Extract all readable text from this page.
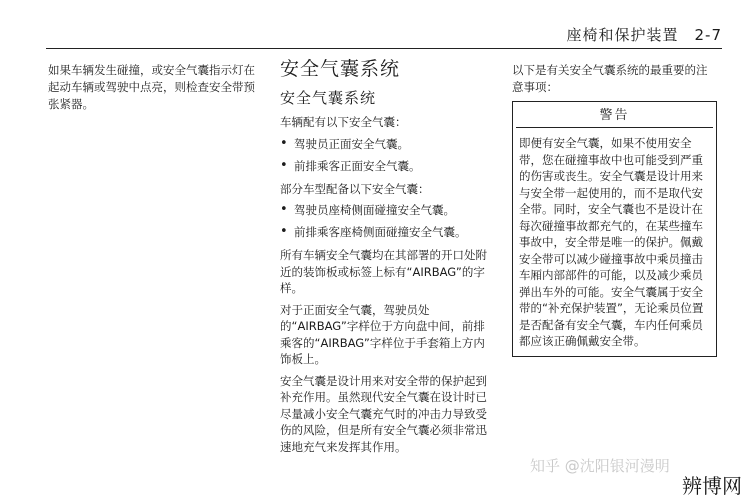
座椅和保护装置　2-7
如果车辆发生碰撞，或安全气囊指示灯在起动车辆或驾驶中点亮，则检查安全带预张紧器。
安全气囊系统
安全气囊系统
车辆配有以下安全气囊：
• 驾驶员正面安全气囊。
• 前排乘客正面安全气囊。
部分车型配备以下安全气囊：
• 驾驶员座椅侧面碰撞安全气囊。
• 前排乘客座椅侧面碰撞安全气囊。
所有车辆安全气囊均在其部署的开口处附近的装饰板或标签上标有“AIRBAG”的字样。
对于正面安全气囊，驾驶员处的“AIRBAG”字样位于方向盘中间，前排乘客的“AIRBAG”字样位于手套箱上方内饰板上。
安全气囊是设计用来对安全带的保护起到补充作用。虽然现代安全气囊在设计时已尽量减小安全气囊充气时的冲击力导致受伤的风险，但是所有安全气囊必须非常迅速地充气来发挥其作用。
以下是有关安全气囊系统的最重要的注意事项：
警告
即便有安全气囊，如果不使用安全带，您在碰撞事故中也可能受到严重的伤害或丧生。安全气囊是设计用来与安全带一起使用的，而不是取代安全带。同时，安全气囊也不是设计在每次碰撞事故都充气的，在某些撞车事故中，安全带是唯一的保护。佩戴安全带可以减少碰撞事故中乘员撞击车厢内部部件的可能，以及减少乘员弹出车外的可能。安全气囊属于安全带的“补充保护装置”，无论乘员位置是否配备有安全气囊，车内任何乘员都应该正确佩戴安全带。
知乎 @沈阳银河漫明
辨博网
